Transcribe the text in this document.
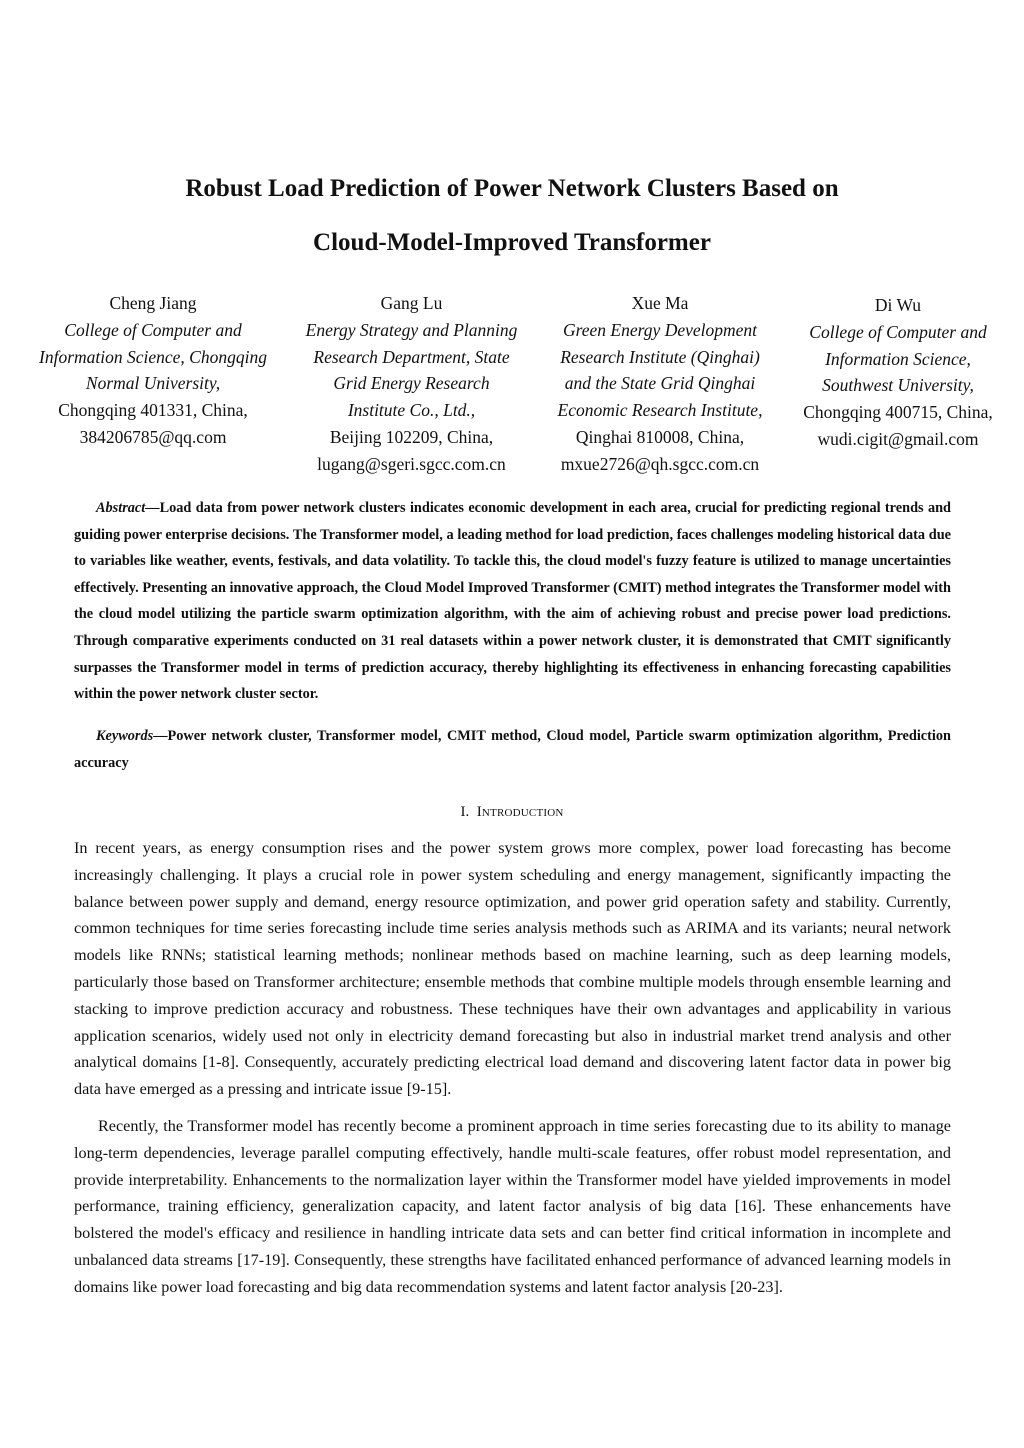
Robust Load Prediction of Power Network Clusters Based on
Cloud-Model-Improved Transformer
Cheng Jiang
College of Computer and
Information Science, Chongqing
Normal University,
Chongqing 401331, China,
384206785@qq.com
Gang Lu
Energy Strategy and Planning
Research Department, State
Grid Energy Research
Institute Co., Ltd.,
Beijing 102209, China,
lugang@sgeri.sgcc.com.cn
Xue Ma
Green Energy Development
Research Institute (Qinghai)
and the State Grid Qinghai
Economic Research Institute,
Qinghai 810008, China,
mxue2726@qh.sgcc.com.cn
Di Wu
College of Computer and
Information Science,
Southwest University,
Chongqing 400715, China,
wudi.cigit@gmail.com
Abstract—Load data from power network clusters indicates economic development in each area, crucial for predicting regional trends and guiding power enterprise decisions. The Transformer model, a leading method for load prediction, faces challenges modeling historical data due to variables like weather, events, festivals, and data volatility. To tackle this, the cloud model's fuzzy feature is utilized to manage uncertainties effectively. Presenting an innovative approach, the Cloud Model Improved Transformer (CMIT) method integrates the Transformer model with the cloud model utilizing the particle swarm optimization algorithm, with the aim of achieving robust and precise power load predictions. Through comparative experiments conducted on 31 real datasets within a power network cluster, it is demonstrated that CMIT significantly surpasses the Transformer model in terms of prediction accuracy, thereby highlighting its effectiveness in enhancing forecasting capabilities within the power network cluster sector.
Keywords—Power network cluster, Transformer model, CMIT method, Cloud model, Particle swarm optimization algorithm, Prediction accuracy
I. Introduction

In recent years, as energy consumption rises and the power system grows more complex, power load forecasting has become increasingly challenging. It plays a crucial role in power system scheduling and energy management, significantly impacting the balance between power supply and demand, energy resource optimization, and power grid operation safety and stability. Currently, common techniques for time series forecasting include time series analysis methods such as ARIMA and its variants; neural network models like RNNs; statistical learning methods; nonlinear methods based on machine learning, such as deep learning models, particularly those based on Transformer architecture; ensemble methods that combine multiple models through ensemble learning and stacking to improve prediction accuracy and robustness. These techniques have their own advantages and applicability in various application scenarios, widely used not only in electricity demand forecasting but also in industrial market trend analysis and other analytical domains [1-8]. Consequently, accurately predicting electrical load demand and discovering latent factor data in power big data have emerged as a pressing and intricate issue [9-15].

Recently, the Transformer model has recently become a prominent approach in time series forecasting due to its ability to manage long-term dependencies, leverage parallel computing effectively, handle multi-scale features, offer robust model representation, and provide interpretability. Enhancements to the normalization layer within the Transformer model have yielded improvements in model performance, training efficiency, generalization capacity, and latent factor analysis of big data [16]. These enhancements have bolstered the model's efficacy and resilience in handling intricate data sets and can better find critical information in incomplete and unbalanced data streams [17-19]. Consequently, these strengths have facilitated enhanced performance of advanced learning models in domains like power load forecasting and big data recommendation systems and latent factor analysis [20-23].
